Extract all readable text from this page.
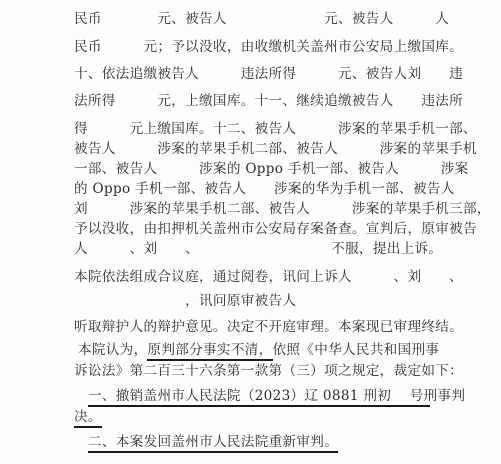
民币　　　　元、被告人　　　　　　　元、被告人　　　人
民币　　　元；予以没收，由收缴机关盖州市公安局上缴国库。
十、依法追缴被告人　　　违法所得　　　元、被告人刘　　违
法所得　　　元，上缴国库。十一、继续追缴被告人　　违法所
得　　　元上缴国库。十二、被告人　　　涉案的苹果手机一部、
被告人　　　涉案的苹果手机二部、被告人　　　涉案的苹果手机
一部、被告人　　　涉案的 Oppo 手机一部、被告人　　　涉案
的 Oppo 手机一部、被告人　　涉案的华为手机一部、被告人
刘　　　涉案的苹果手机二部、被告人　　　涉案的苹果手机三部，
予以没收，由扣押机关盖州市公安局存案备查。宣判后，原审被告
人　　　、刘　　、　　　　　　　　　　不服，提出上诉。
本院依法组成合议庭，通过阅卷，讯问上诉人　　　、刘　　、
　　　　　　　　，讯问原审被告人
听取辩护人的辩护意见。决定不开庭审理。本案现已审理终结。
本院认为，原判部分事实不清，依照《中华人民共和国刑事
诉讼法》第二百三十六条第一款第（三）项之规定，裁定如下：
一、撤销盖州市人民法院（2023）辽 0881 刑初　 号刑事判
决。
二、本案发回盖州市人民法院重新审判。
